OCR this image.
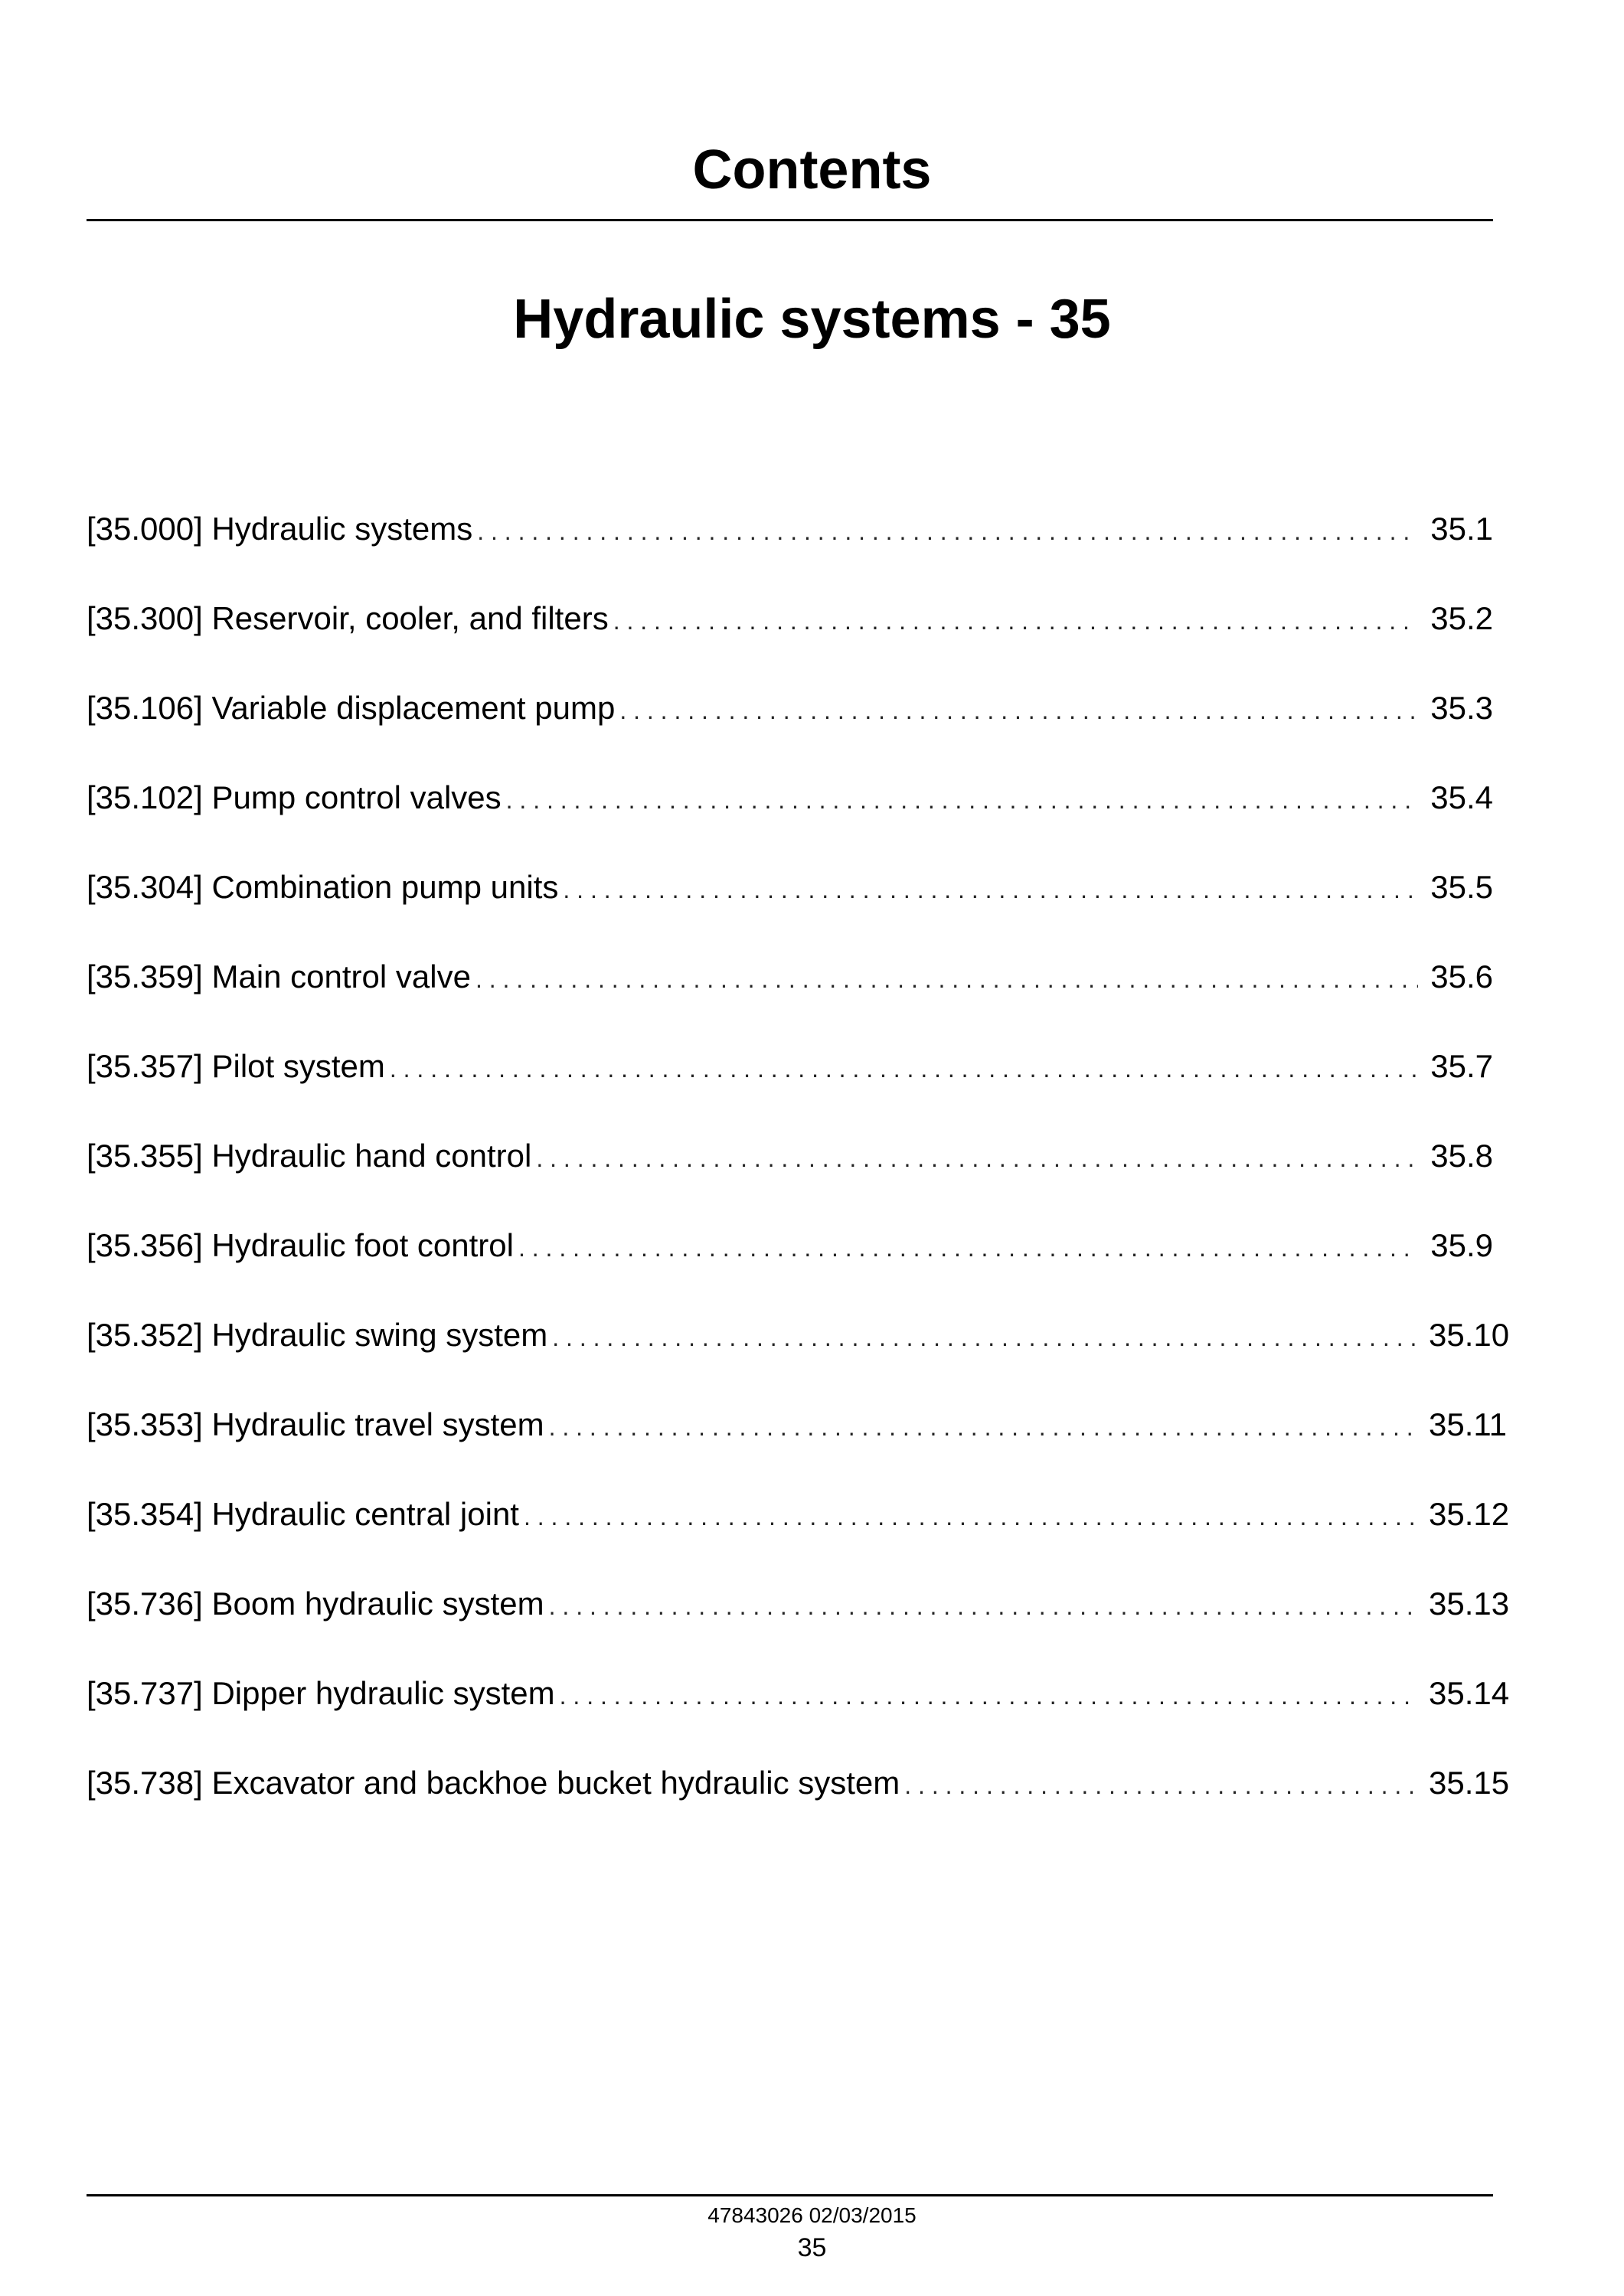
Contents
Hydraulic systems - 35
[35.000] Hydraulic systems . . .	35.1
[35.300] Reservoir, cooler, and filters . . .	35.2
[35.106] Variable displacement pump . . .	35.3
[35.102] Pump control valves . . .	35.4
[35.304] Combination pump units . . .	35.5
[35.359] Main control valve . . .	35.6
[35.357] Pilot system . . .	35.7
[35.355] Hydraulic hand control . . .	35.8
[35.356] Hydraulic foot control . . .	35.9
[35.352] Hydraulic swing system . . .	35.10
[35.353] Hydraulic travel system . . .	35.11
[35.354] Hydraulic central joint . . .	35.12
[35.736] Boom hydraulic system . . .	35.13
[35.737] Dipper hydraulic system . . .	35.14
[35.738] Excavator and backhoe bucket hydraulic system . . .	35.15
47843026 02/03/2015
35
